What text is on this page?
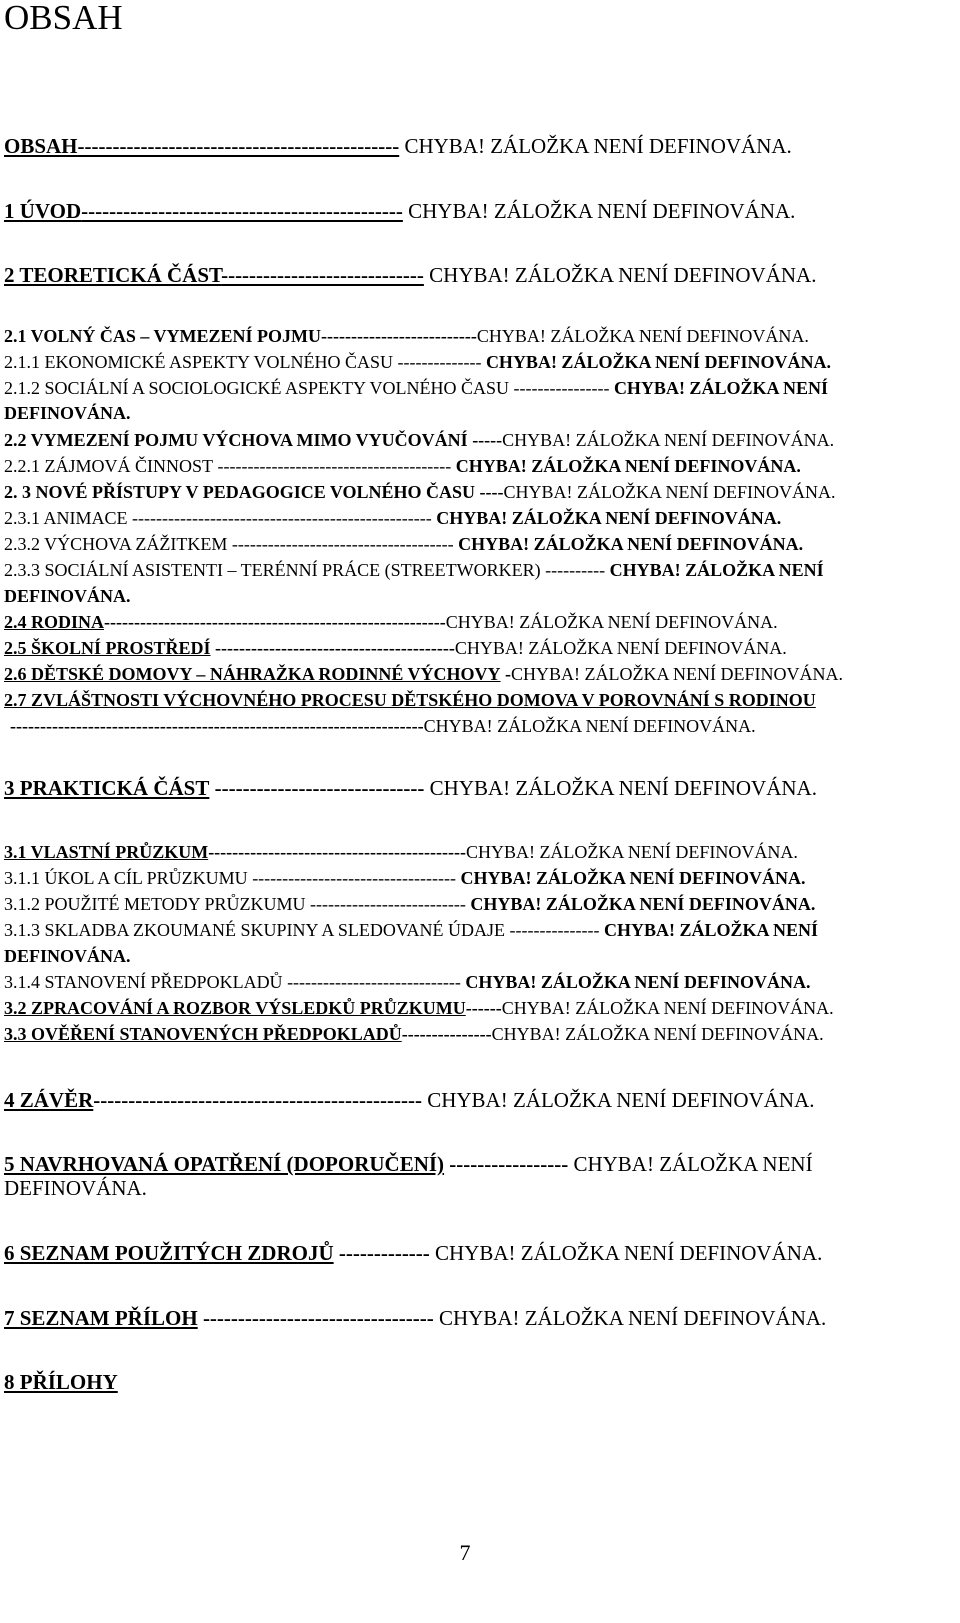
OBSAH
OBSAH---------------------------------------------- CHYBA! ZÁLOŽKA NENÍ DEFINOVÁNA.
1 ÚVOD---------------------------------------------- CHYBA! ZÁLOŽKA NENÍ DEFINOVÁNA.
2 TEORETICKÁ ČÁST----------------------------- CHYBA! ZÁLOŽKA NENÍ DEFINOVÁNA.
2.1 VOLNÝ ČAS – VYMEZENÍ POJMU--------------------------CHYBA! ZÁLOŽKA NENÍ DEFINOVÁNA.
2.1.1 EKONOMICKÉ ASPEKTY VOLNÉHO ČASU -------------- CHYBA! ZÁLOŽKA NENÍ DEFINOVÁNA.
2.1.2 SOCIÁLNÍ A SOCIOLOGICKÉ ASPEKTY VOLNÉHO ČASU ---------------- CHYBA! ZÁLOŽKA NENÍ
DEFINOVÁNA.
2.2 VYMEZENÍ POJMU VÝCHOVA MIMO VYUČOVÁNÍ -----CHYBA! ZÁLOŽKA NENÍ DEFINOVÁNA.
2.2.1 ZÁJMOVÁ ČINNOST --------------------------------------- CHYBA! ZÁLOŽKA NENÍ DEFINOVÁNA.
2. 3 NOVÉ PŘÍSTUPY V PEDAGOGICE VOLNÉHO ČASU ----CHYBA! ZÁLOŽKA NENÍ DEFINOVÁNA.
2.3.1 ANIMACE -------------------------------------------------- CHYBA! ZÁLOŽKA NENÍ DEFINOVÁNA.
2.3.2 VÝCHOVA ZÁŽITKEM ------------------------------------- CHYBA! ZÁLOŽKA NENÍ DEFINOVÁNA.
2.3.3 SOCIÁLNÍ ASISTENTI – TERÉNNÍ PRÁCE (STREETWORKER) ---------- CHYBA! ZÁLOŽKA NENÍ
DEFINOVÁNA.
2.4 RODINA---------------------------------------------------------CHYBA! ZÁLOŽKA NENÍ DEFINOVÁNA.
2.5 ŠKOLNÍ PROSTŘEDÍ ----------------------------------------CHYBA! ZÁLOŽKA NENÍ DEFINOVÁNA.
2.6 DĚTSKÉ DOMOVY – NÁHRAŽKA RODINNÉ VÝCHOVY -CHYBA! ZÁLOŽKA NENÍ DEFINOVÁNA.
2.7 ZVLÁŠTNOSTI VÝCHOVNÉHO PROCESU DĚTSKÉHO DOMOVA V POROVNÁNÍ S RODINOU
---------------------------------------------------------------------CHYBA! ZÁLOŽKA NENÍ DEFINOVÁNA.
3 PRAKTICKÁ ČÁST ------------------------------ CHYBA! ZÁLOŽKA NENÍ DEFINOVÁNA.
3.1 VLASTNÍ PRŮZKUM-------------------------------------------CHYBA! ZÁLOŽKA NENÍ DEFINOVÁNA.
3.1.1 ÚKOL A CÍL PRŮZKUMU ---------------------------------- CHYBA! ZÁLOŽKA NENÍ DEFINOVÁNA.
3.1.2 POUŽITÉ METODY PRŮZKUMU -------------------------- CHYBA! ZÁLOŽKA NENÍ DEFINOVÁNA.
3.1.3 SKLADBA ZKOUMANÉ SKUPINY A SLEDOVANÉ ÚDAJE --------------- CHYBA! ZÁLOŽKA NENÍ
DEFINOVÁNA.
3.1.4 STANOVENÍ PŘEDPOKLADŮ ----------------------------- CHYBA! ZÁLOŽKA NENÍ DEFINOVÁNA.
3.2 ZPRACOVÁNÍ A ROZBOR VÝSLEDKŮ PRŮZKUMU------CHYBA! ZÁLOŽKA NENÍ DEFINOVÁNA.
3.3 OVĚŘENÍ STANOVENÝCH PŘEDPOKLADŮ---------------CHYBA! ZÁLOŽKA NENÍ DEFINOVÁNA.
4 ZÁVĚR----------------------------------------------- CHYBA! ZÁLOŽKA NENÍ DEFINOVÁNA.
5 NAVRHOVANÁ OPATŘENÍ (DOPORUČENÍ) ----------------- CHYBA! ZÁLOŽKA NENÍ
DEFINOVÁNA.
6 SEZNAM POUŽITÝCH ZDROJŮ ------------- CHYBA! ZÁLOŽKA NENÍ DEFINOVÁNA.
7 SEZNAM PŘÍLOH --------------------------------- CHYBA! ZÁLOŽKA NENÍ DEFINOVÁNA.
8 PŘÍLOHY
7
